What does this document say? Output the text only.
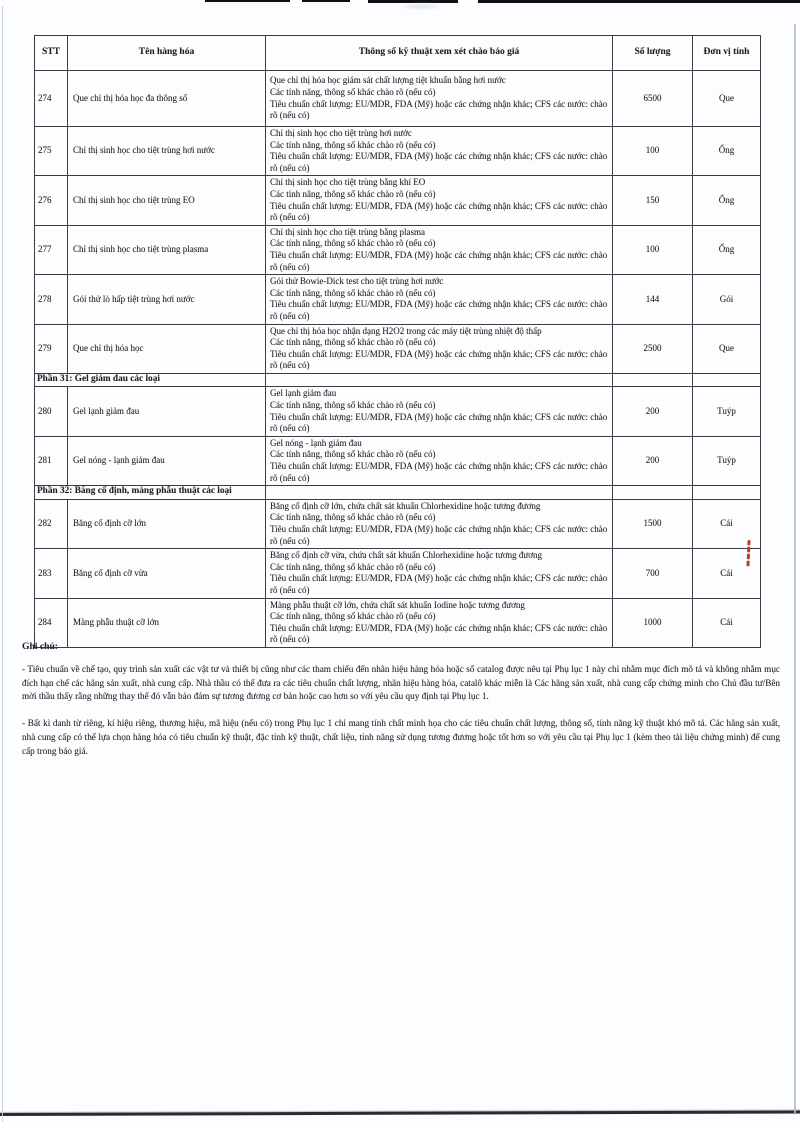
STT	Tên hàng hóa	Thông số kỹ thuật xem xét chào báo giá	Số lượng	Đơn vị tính
274	Que chỉ thị hóa học đa thông số	Que chỉ thị hóa học giám sát chất lượng tiệt khuẩn bằng hơi nước
Các tính năng, thông số khác chào rõ (nếu có)
Tiêu chuẩn chất lượng: EU/MDR, FDA (Mỹ) hoặc các chứng nhận khác; CFS các nước: chào rõ (nếu có)	6500	Que
275	Chỉ thị sinh học cho tiệt trùng hơi nước	Chỉ thị sinh học cho tiệt trùng hơi nước
Các tính năng, thông số khác chào rõ (nếu có)
Tiêu chuẩn chất lượng: EU/MDR, FDA (Mỹ) hoặc các chứng nhận khác; CFS các nước: chào rõ (nếu có)	100	Ống
276	Chỉ thị sinh học cho tiệt trùng EO	Chỉ thị sinh học cho tiệt trùng bằng khí EO
Các tính năng, thông số khác chào rõ (nếu có)
Tiêu chuẩn chất lượng: EU/MDR, FDA (Mỹ) hoặc các chứng nhận khác; CFS các nước: chào rõ (nếu có)	150	Ống
277	Chỉ thị sinh học cho tiệt trùng plasma	Chỉ thị sinh học cho tiệt trùng bằng plasma
Các tính năng, thông số khác chào rõ (nếu có)
Tiêu chuẩn chất lượng: EU/MDR, FDA (Mỹ) hoặc các chứng nhận khác; CFS các nước: chào rõ (nếu có)	100	Ống
278	Gói thử lò hấp tiệt trùng hơi nước	Gói thử Bowie-Dick test cho tiệt trùng hơi nước
Các tính năng, thông số khác chào rõ (nếu có)
Tiêu chuẩn chất lượng: EU/MDR, FDA (Mỹ) hoặc các chứng nhận khác; CFS các nước: chào rõ (nếu có)	144	Gói
279	Que chỉ thị hóa học	Que chỉ thị hóa học nhận dạng H2O2 trong các máy tiệt trùng nhiệt độ thấp
Các tính năng, thông số khác chào rõ (nếu có)
Tiêu chuẩn chất lượng: EU/MDR, FDA (Mỹ) hoặc các chứng nhận khác; CFS các nước: chào rõ (nếu có)	2500	Que
Phần 31: Gel giảm đau các loại				
280	Gel lạnh giảm đau	Gel lạnh giảm đau
Các tính năng, thông số khác chào rõ (nếu có)
Tiêu chuẩn chất lượng: EU/MDR, FDA (Mỹ) hoặc các chứng nhận khác; CFS các nước: chào rõ (nếu có)	200	Tuýp
281	Gel nóng - lạnh giảm đau	Gel nóng - lạnh giảm đau
Các tính năng, thông số khác chào rõ (nếu có)
Tiêu chuẩn chất lượng: EU/MDR, FDA (Mỹ) hoặc các chứng nhận khác; CFS các nước: chào rõ (nếu có)	200	Tuýp
Phần 32: Băng cố định, màng phẫu thuật các loại				
282	Băng cố định cỡ lớn	Băng cố định cỡ lớn, chứa chất sát khuẩn Chlorhexidine hoặc tương đương
Các tính năng, thông số khác chào rõ (nếu có)
Tiêu chuẩn chất lượng: EU/MDR, FDA (Mỹ) hoặc các chứng nhận khác; CFS các nước: chào rõ (nếu có)	1500	Cái
283	Băng cố định cỡ vừa	Băng cố định cỡ vừa, chứa chất sát khuẩn Chlorhexidine hoặc tương đương
Các tính năng, thông số khác chào rõ (nếu có)
Tiêu chuẩn chất lượng: EU/MDR, FDA (Mỹ) hoặc các chứng nhận khác; CFS các nước: chào rõ (nếu có)	700	Cái
284	Màng phẫu thuật cỡ lớn	Màng phẫu thuật cỡ lớn, chứa chất sát khuẩn Iodine hoặc tương đương
Các tính năng, thông số khác chào rõ (nếu có)
Tiêu chuẩn chất lượng: EU/MDR, FDA (Mỹ) hoặc các chứng nhận khác; CFS các nước: chào rõ (nếu có)	1000	Cái
Ghi chú:

- Tiêu chuẩn về chế tạo, quy trình sản xuất các vật tư và thiết bị cũng như các tham chiếu đến nhãn hiệu hàng hóa hoặc số catalog được nêu tại Phụ lục 1 này chỉ nhằm mục đích mô tả và không nhằm mục đích hạn chế các hãng sản xuất, nhà cung cấp. Nhà thầu có thể đưa ra các tiêu chuẩn chất lượng, nhãn hiệu hàng hóa, catalô khác miễn là Các hãng sản xuất, nhà cung cấp chứng minh cho Chủ đầu tư/Bên mời thầu thấy rằng những thay thế đó vẫn bảo đảm sự tương đương cơ bản hoặc cao hơn so với yêu cầu quy định tại Phụ lục 1.

- Bất kì danh từ riêng, kí hiệu riêng, thương hiệu, mã hiệu (nếu có) trong Phụ lục 1 chỉ mang tính chất minh họa cho các tiêu chuẩn chất lượng, thông số, tính năng kỹ thuật khó mô tả. Các hãng sản xuất, nhà cung cấp có thể lựa chọn hàng hóa có tiêu chuẩn kỹ thuật, đặc tính kỹ thuật, chất liệu, tính năng sử dụng tương đương hoặc tốt hơn so với yêu cầu tại Phụ lục 1 (kèm theo tài liệu chứng minh) để cung cấp trong báo giá.
